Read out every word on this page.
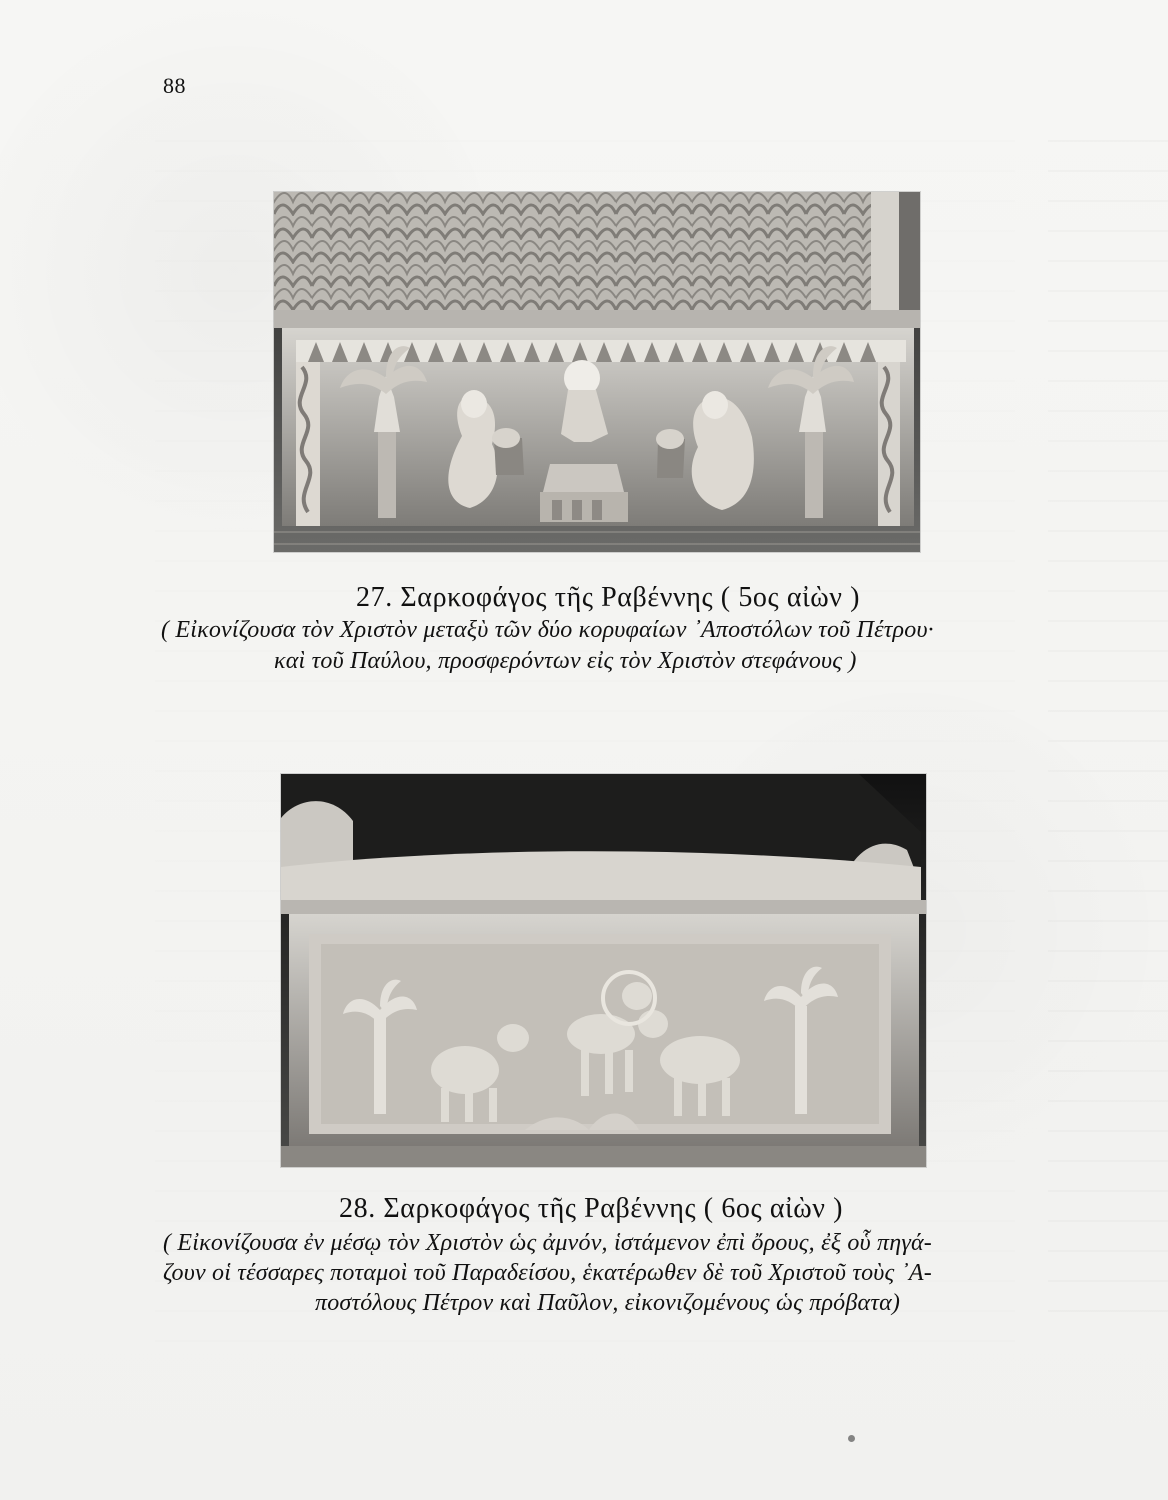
88
27. Σαρκοφάγος τῆς Ραβέννης ( 5ος αἰὼν )
( Εἰκονίζουσα τὸν Χριστὸν μεταξὺ τῶν δύο κορυφαίων ᾽Αποστόλων τοῦ Πέτρου·
καὶ τοῦ Παύλου, προσφερόντων εἰς τὸν Χριστὸν στεφάνους )
28. Σαρκοφάγος τῆς Ραβέννης ( 6ος αἰὼν )
( Εἰκονίζουσα ἐν μέσῳ τὸν Χριστὸν ὡς ἀμνόν, ἱστάμενον ἐπὶ ὄρους, ἐξ οὗ πηγά-
ζουν οἱ τέσσαρες ποταμοὶ τοῦ Παραδείσου, ἑκατέρωθεν δὲ τοῦ Χριστοῦ τοὺς ᾽Α-
ποστόλους Πέτρον καὶ Παῦλον, εἰκονιζομένους ὡς πρόβατα)
